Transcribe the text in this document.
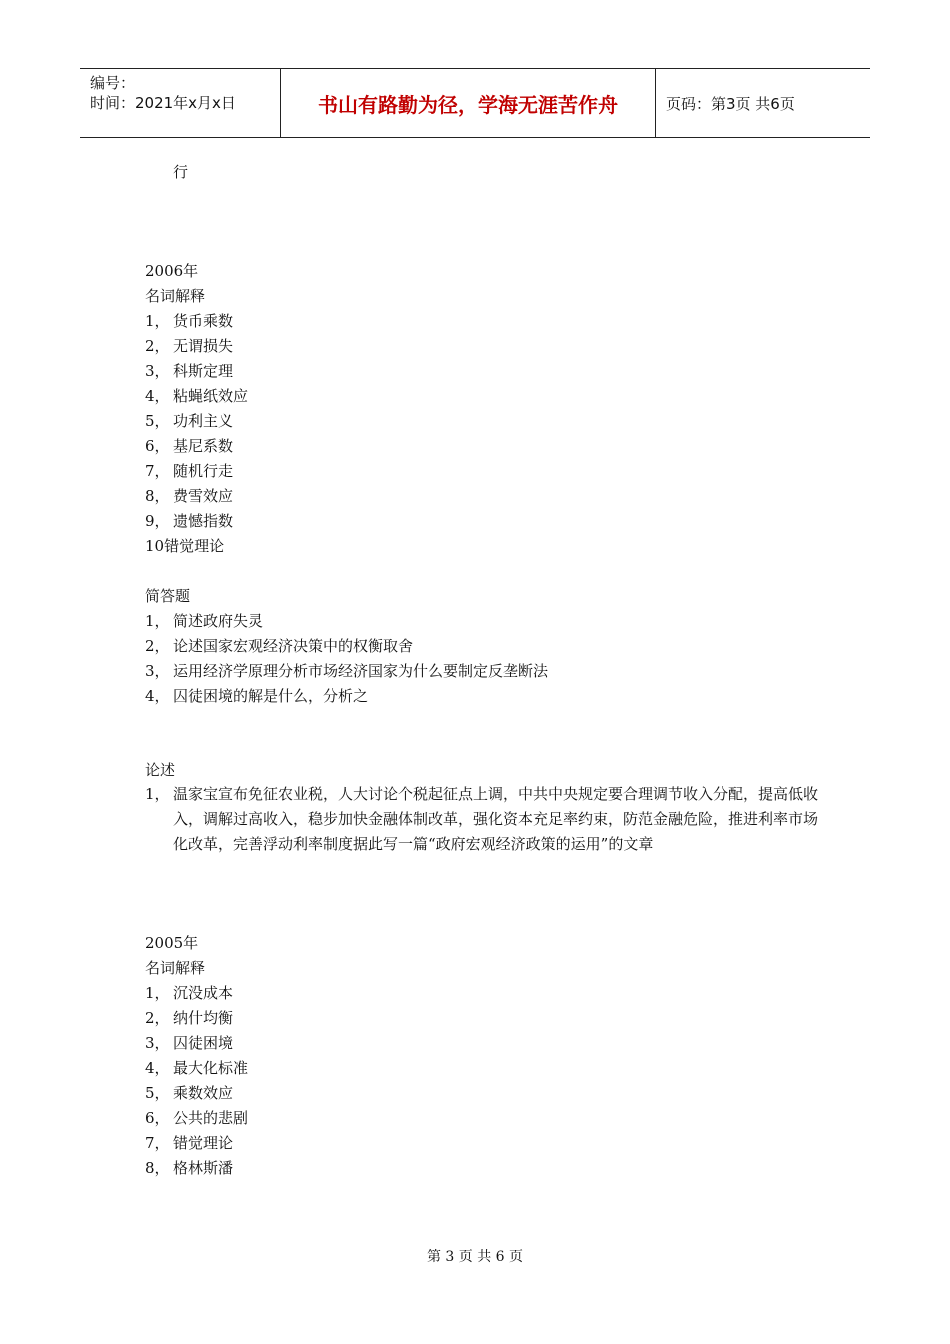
编号：
时间：2021年x月x日	书山有路勤为径，学海无涯苦作舟	页码：第3页 共6页
行
2006年
名词解释
1， 货币乘数
2， 无谓损失
3， 科斯定理
4， 粘蝇纸效应
5， 功利主义
6， 基尼系数
7， 随机行走
8， 费雪效应
9， 遗憾指数
10错觉理论
简答题
1， 简述政府失灵
2， 论述国家宏观经济决策中的权衡取舍
3， 运用经济学原理分析市场经济国家为什么要制定反垄断法
4， 囚徒困境的解是什么，分析之
论述
1， 温家宝宣布免征农业税，人大讨论个税起征点上调，中共中央规定要合理调节收入分配，提高低收入，调解过高收入，稳步加快金融体制改革，强化资本充足率约束，防范金融危险，推进利率市场化改革，完善浮动利率制度据此写一篇“政府宏观经济政策的运用”的文章
2005年
名词解释
1， 沉没成本
2， 纳什均衡
3， 囚徒困境
4， 最大化标准
5， 乘数效应
6， 公共的悲剧
7， 错觉理论
8， 格林斯潘
第 3 页 共 6 页
